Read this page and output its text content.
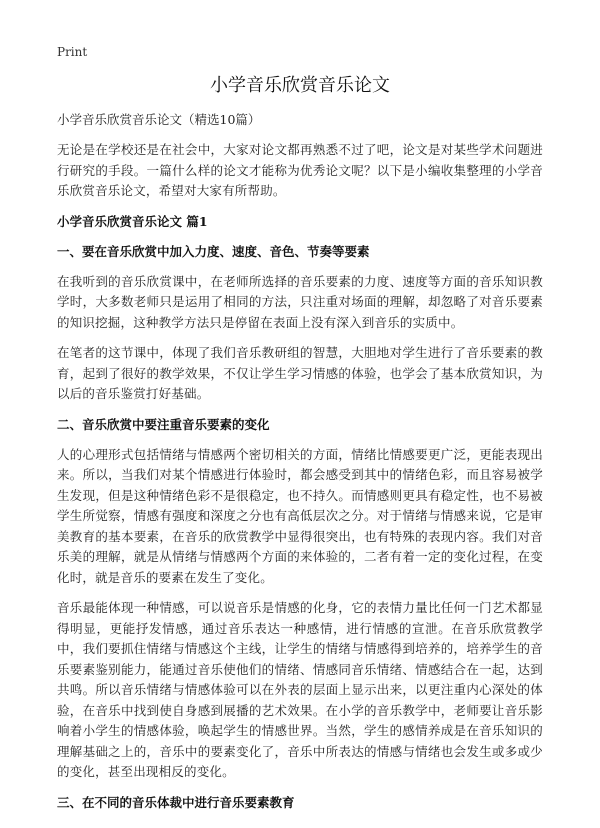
Print
小学音乐欣赏音乐论文

小学音乐欣赏音乐论文（精选10篇）

无论是在学校还是在社会中，大家对论文都再熟悉不过了吧，论文是对某些学术问题进行研究的手段。一篇什么样的论文才能称为优秀论文呢？以下是小编收集整理的小学音乐欣赏音乐论文，希望对大家有所帮助。

小学音乐欣赏音乐论文 篇1

一、要在音乐欣赏中加入力度、速度、音色、节奏等要素

在我听到的音乐欣赏课中，在老师所选择的音乐要素的力度、速度等方面的音乐知识教学时，大多数老师只是运用了相同的方法，只注重对场面的理解，却忽略了对音乐要素的知识挖掘，这种教学方法只是停留在表面上没有深入到音乐的实质中。

在笔者的这节课中，体现了我们音乐教研组的智慧，大胆地对学生进行了音乐要素的教育，起到了很好的教学效果，不仅让学生学习情感的体验，也学会了基本欣赏知识，为以后的音乐鉴赏打好基础。

二、音乐欣赏中要注重音乐要素的变化

人的心理形式包括情绪与情感两个密切相关的方面，情绪比情感要更广泛，更能表现出来。所以，当我们对某个情感进行体验时，都会感受到其中的情绪色彩，而且容易被学生发现，但是这种情绪色彩不是很稳定，也不持久。而情感则更具有稳定性，也不易被学生所觉察，情感有强度和深度之分也有高低层次之分。对于情绪与情感来说，它是审美教育的基本要素，在音乐的欣赏教学中显得很突出，也有特殊的表现内容。我们对音乐美的理解，就是从情绪与情感两个方面的来体验的，二者有着一定的变化过程，在变化时，就是音乐的要素在发生了变化。

音乐最能体现一种情感，可以说音乐是情感的化身，它的表情力量比任何一门艺术都显得明显，更能抒发情感，通过音乐表达一种感情，进行情感的宣泄。在音乐欣赏教学中，我们要抓住情绪与情感这个主线，让学生的情绪与情感得到培养的，培养学生的音乐要素鉴别能力，能通过音乐使他们的情绪、情感同音乐情绪、情感结合在一起，达到共鸣。所以音乐情绪与情感体验可以在外表的层面上显示出来，以更注重内心深处的体验，在音乐中找到使自身感到展播的艺术效果。在小学的音乐教学中，老师要让音乐影响着小学生的情感体验，唤起学生的情感世界。当然，学生的感情养成是在音乐知识的理解基础之上的，音乐中的要素变化了，音乐中所表达的情感与情绪也会发生或多或少的变化，甚至出现相反的变化。

三、在不同的音乐体裁中进行音乐要素教育
